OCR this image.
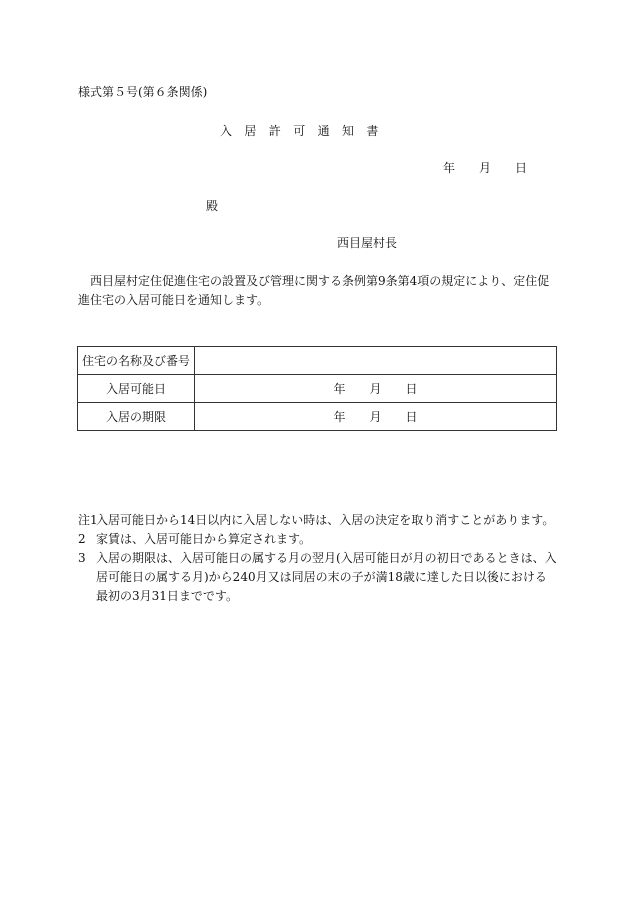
様式第５号(第６条関係)
入　居　許　可　通　知　書
年　　月　　日
殿
西目屋村長
西目屋村定住促進住宅の設置及び管理に関する条例第9条第4項の規定により、定住促進住宅の入居可能日を通知します。
住宅の名称及び番号	
入居可能日	年　　月　　日
入居の期限	年　　月　　日
注1
入居可能日から14日以内に入居しない時は、入居の決定を取り消すことがあります。
2 家賃は、入居可能日から算定されます。
3 入居の期限は、入居可能日の属する月の翌月(入居可能日が月の初日であるときは、入居可能日の属する月)から240月又は同居の末の子が満18歳に達した日以後における最初の3月31日までです。
